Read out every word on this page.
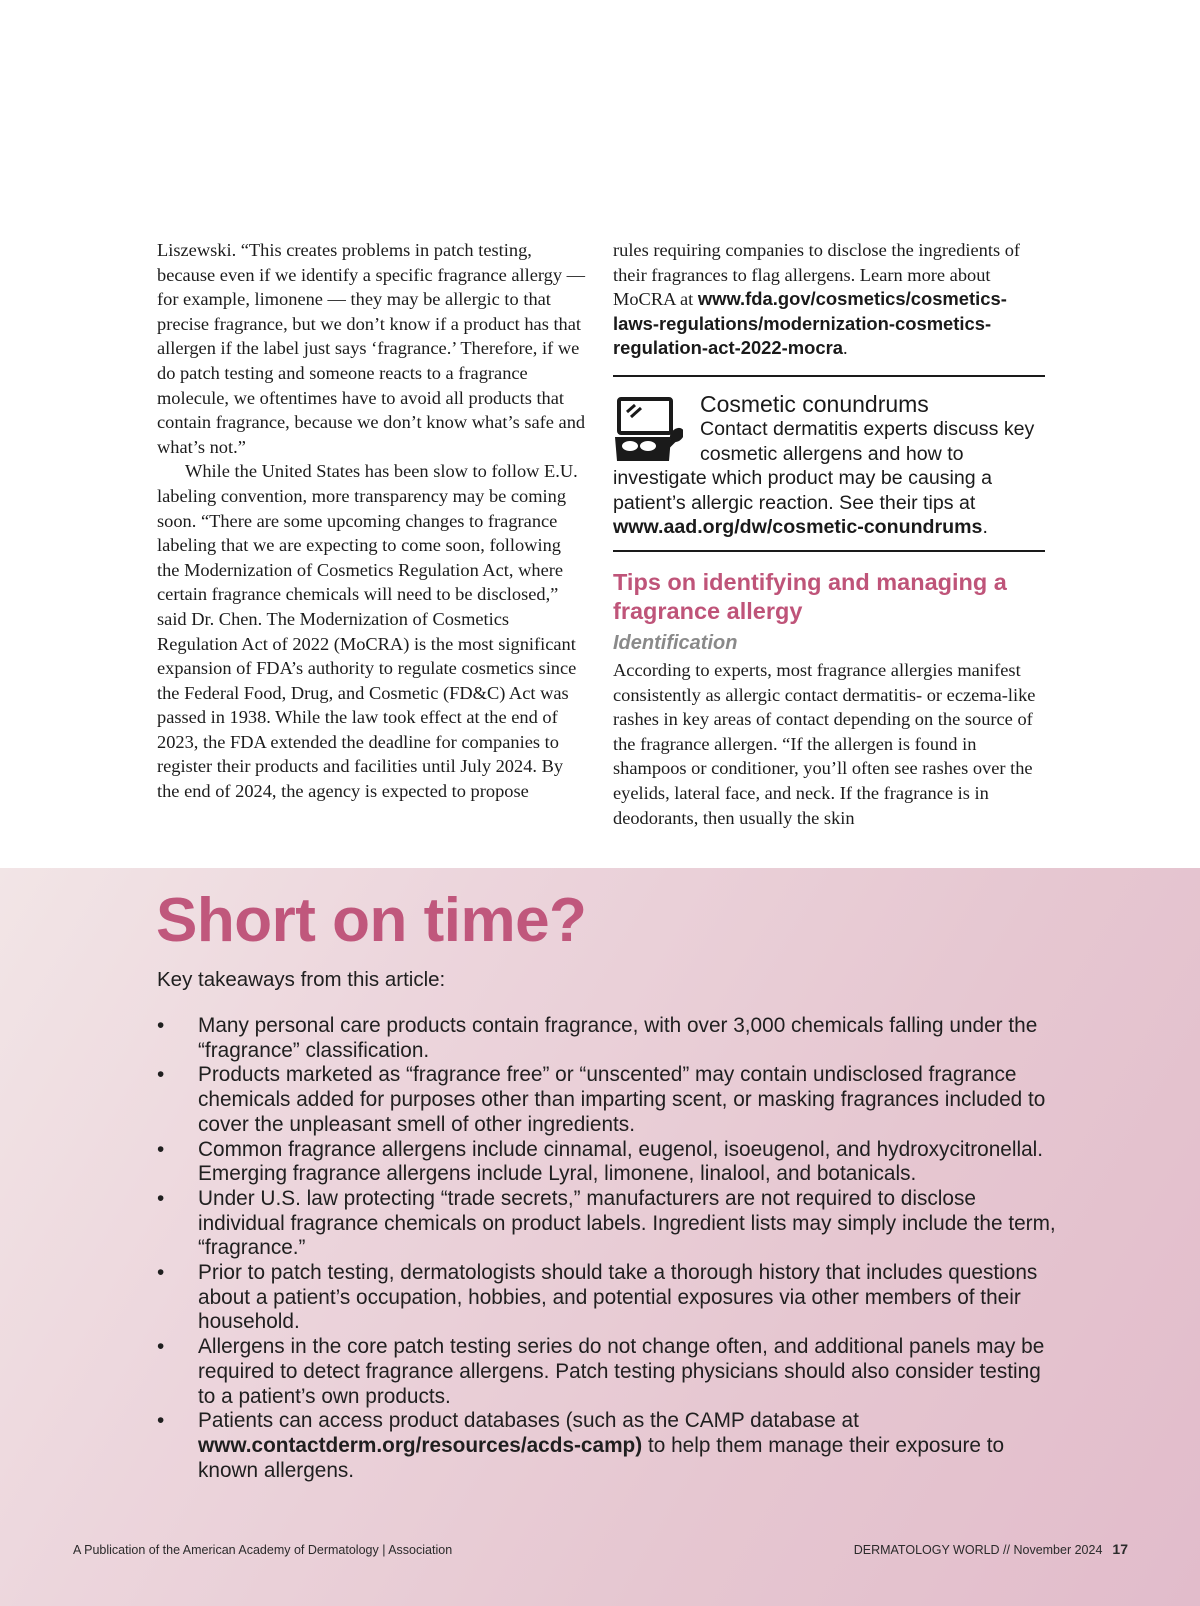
Liszewski. “This creates problems in patch testing, because even if we identify a specific fragrance allergy — for example, limonene — they may be allergic to that precise fragrance, but we don’t know if a product has that allergen if the label just says ‘fragrance.’ Therefore, if we do patch testing and someone reacts to a fragrance molecule, we oftentimes have to avoid all products that contain fragrance, because we don’t know what’s safe and what’s not.”

While the United States has been slow to follow E.U. labeling convention, more transparency may be coming soon. “There are some upcoming changes to fragrance labeling that we are expecting to come soon, following the Modernization of Cosmetics Regulation Act, where certain fragrance chemicals will need to be disclosed,” said Dr. Chen. The Modernization of Cosmetics Regulation Act of 2022 (MoCRA) is the most significant expansion of FDA’s authority to regulate cosmetics since the Federal Food, Drug, and Cosmetic (FD&C) Act was passed in 1938. While the law took effect at the end of 2023, the FDA extended the deadline for companies to register their products and facilities until July 2024. By the end of 2024, the agency is expected to propose

rules requiring companies to disclose the ingredients of their fragrances to flag allergens. Learn more about MoCRA at www.fda.gov/cosmetics/cosmetics-laws-regulations/modernization-cosmetics-regulation-act-2022-mocra.

Cosmetic conundrums
Contact dermatitis experts discuss key cosmetic allergens and how to
investigate which product may be causing a patient’s allergic reaction. See their tips at www.aad.org/dw/cosmetic-conundrums.
Tips on identifying and managing a fragrance allergy
Identification

According to experts, most fragrance allergies manifest consistently as allergic contact dermatitis- or eczema-like rashes in key areas of contact depending on the source of the fragrance allergen. “If the allergen is found in shampoos or conditioner, you’ll often see rashes over the eyelids, lateral face, and neck. If the fragrance is in deodorants, then usually the skin

Short on time?
Key takeaways from this article:
• Many personal care products contain fragrance, with over 3,000 chemicals falling under the “fragrance” classification.
• Products marketed as “fragrance free” or “unscented” may contain undisclosed fragrance chemicals added for purposes other than imparting scent, or masking fragrances included to cover the unpleasant smell of other ingredients.
• Common fragrance allergens include cinnamal, eugenol, isoeugenol, and hydroxycitronellal. Emerging fragrance allergens include Lyral, limonene, linalool, and botanicals.
• Under U.S. law protecting “trade secrets,” manufacturers are not required to disclose individual fragrance chemicals on product labels. Ingredient lists may simply include the term, “fragrance.”
• Prior to patch testing, dermatologists should take a thorough history that includes questions about a patient’s occupation, hobbies, and potential exposures via other members of their household.
• Allergens in the core patch testing series do not change often, and additional panels may be required to detect fragrance allergens. Patch testing physicians should also consider testing to a patient’s own products.
• Patients can access product databases (such as the CAMP database at www.contactderm.org/resources/acds-camp) to help them manage their exposure to known allergens.
A Publication of the American Academy of Dermatology | Association	DERMATOLOGY WORLD // November 2024 17
